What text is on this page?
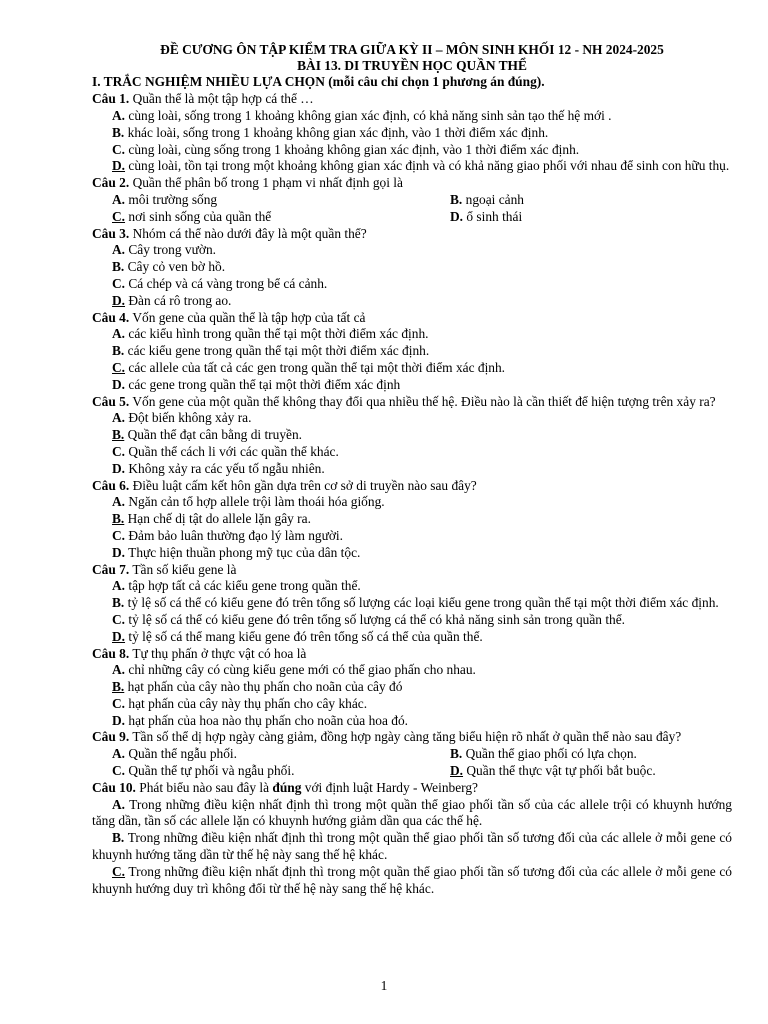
ĐỀ CƯƠNG ÔN TẬP KIỂM TRA GIỮA KỲ II – MÔN SINH KHỐI 12 - NH 2024-2025
BÀI 13. DI TRUYỀN HỌC QUẦN THỂ
I. TRẮC NGHIỆM NHIỀU LỰA CHỌN (mỗi câu chỉ chọn 1 phương án đúng).
Câu 1. Quần thể là một tập hợp cá thể …
A. cùng loài, sống trong 1 khoảng không gian xác định, có khả năng sinh sản tạo thế hệ mới .
B. khác loài, sống trong 1 khoảng không gian xác định, vào 1 thời điểm xác định.
C. cùng loài, cùng sống trong 1 khoảng không gian xác định, vào 1 thời điểm xác định.
D. cùng loài, tồn tại trong một khoảng không gian xác định và có khả năng giao phối với nhau để sinh con hữu thụ.
Câu 2. Quần thể phân bố trong 1 phạm vi nhất định gọi là
A. môi trường sống	B. ngoại cảnh
C. nơi sinh sống của quần thể	D. ổ sinh thái
Câu 3. Nhóm cá thể nào dưới đây là một quần thể?
A. Cây trong vườn.
B. Cây cỏ ven bờ hồ.
C. Cá chép và cá vàng trong bể cá cảnh.
D. Đàn cá rô trong ao.
Câu 4. Vốn gene của quần thể là tập hợp của tất cả
A. các kiểu hình trong quần thể tại một thời điểm xác định.
B. các kiểu gene trong quần thể tại một thời điểm xác định.
C. các allele của tất cả các gen trong quần thể tại một thời điểm xác định.
D. các gene trong quần thể tại một thời điểm xác định
Câu 5. Vốn gene của một quần thể không thay đổi qua nhiều thế hệ. Điều nào là cần thiết để hiện tượng trên xảy ra?
A. Đột biến không xảy ra.
B. Quần thể đạt cân bằng di truyền.
C. Quần thể cách li với các quần thể khác.
D. Không xảy ra các yếu tố ngẫu nhiên.
Câu 6. Điều luật cấm kết hôn gần dựa trên cơ sở di truyền nào sau đây?
A. Ngăn cản tổ hợp allele trội làm thoái hóa giống.
B. Hạn chế dị tật do allele lặn gây ra.
C. Đảm bảo luân thường đạo lý làm người.
D. Thực hiện thuần phong mỹ tục của dân tộc.
Câu 7. Tần số kiểu gene là
A. tập hợp tất cả các kiểu gene trong quần thể.
B. tỷ lệ số cá thể có kiểu gene đó trên tổng số lượng các loại kiểu gene trong quần thể tại một thời điểm xác định.
C. tỷ lệ số cá thể có kiểu gene đó trên tổng số lượng cá thể có khả năng sinh sản trong quần thể.
D. tỷ lệ số cá thể mang kiểu gene đó trên tổng số cá thể của quần thể.
Câu 8. Tự thụ phấn ở thực vật có hoa là
A. chỉ những cây có cùng kiểu gene mới có thể giao phấn cho nhau.
B. hạt phấn của cây nào thụ phấn cho noãn của cây đó
C. hạt phấn của cây này thụ phấn cho cây khác.
D. hạt phấn của hoa nào thụ phấn cho noãn của hoa đó.
Câu 9. Tần số thể dị hợp ngày càng giảm, đồng hợp ngày càng tăng biểu hiện rõ nhất ở quần thể nào sau đây?
A. Quần thể ngẫu phối.	B. Quần thể giao phối có lựa chọn.
C. Quần thể tự phối và ngẫu phối.	D. Quần thể thực vật tự phối bắt buộc.
Câu 10. Phát biểu nào sau đây là đúng với định luật Hardy - Weinberg?
A. Trong những điều kiện nhất định thì trong một quần thể giao phối tần số của các allele trội có khuynh hướng tăng dần, tần số các allele lặn có khuynh hướng giảm dần qua các thế hệ.
B. Trong những điều kiện nhất định thì trong một quần thể giao phối tần số tương đối của các allele ở mỗi gene có khuynh hướng tăng dần từ thế hệ này sang thế hệ khác.
C. Trong những điều kiện nhất định thì trong một quần thể giao phối tần số tương đối của các allele ở mỗi gene có khuynh hướng duy trì không đổi từ thế hệ này sang thế hệ khác.
1
